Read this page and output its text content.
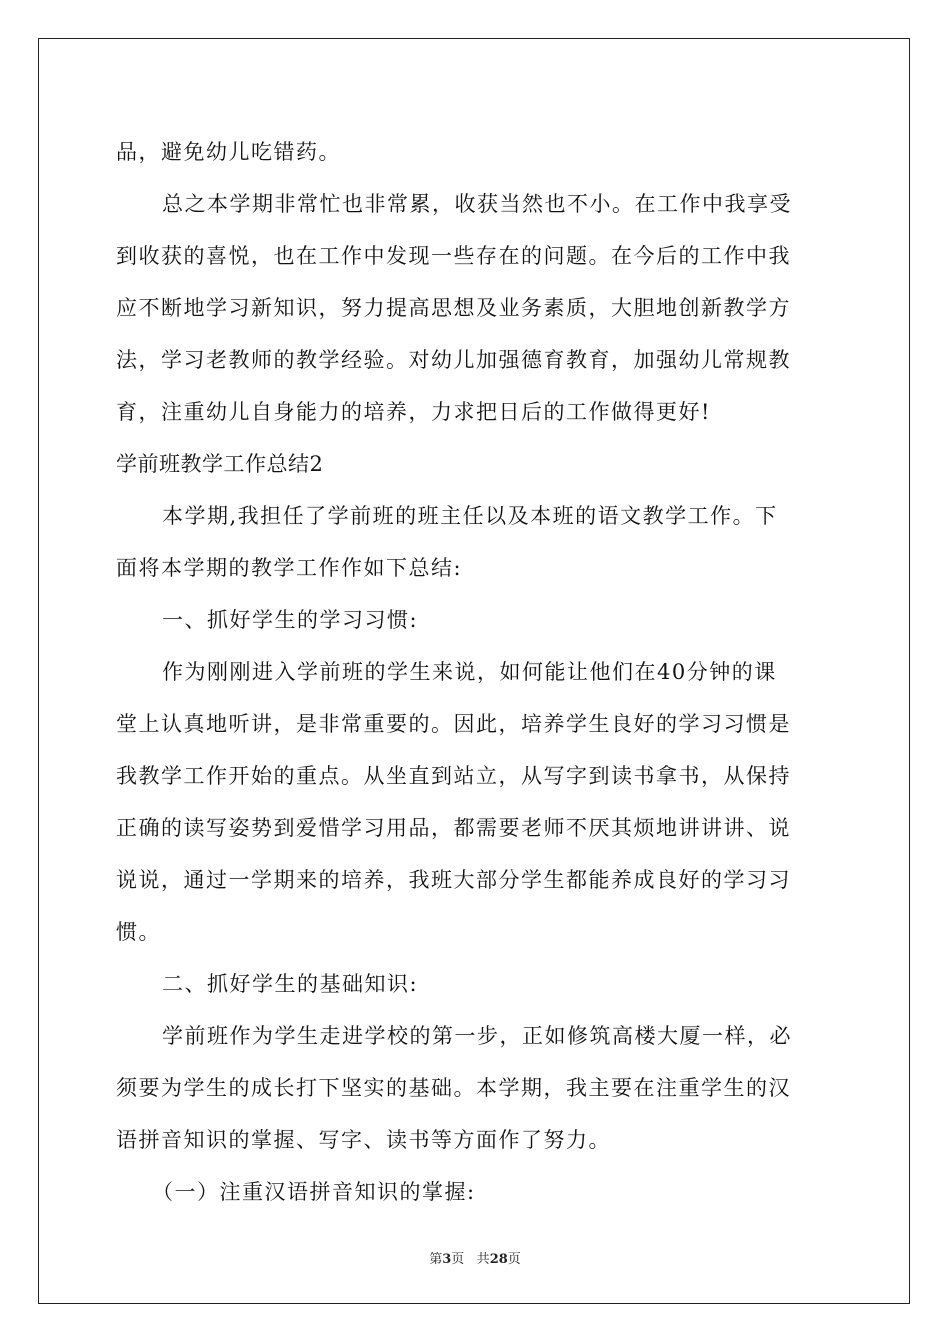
品，避免幼儿吃错药。
总之本学期非常忙也非常累，收获当然也不小。在工作中我享受
到收获的喜悦，也在工作中发现一些存在的问题。在今后的工作中我
应不断地学习新知识，努力提高思想及业务素质，大胆地创新教学方
法，学习老教师的教学经验。对幼儿加强德育教育，加强幼儿常规教
育，注重幼儿自身能力的培养，力求把日后的工作做得更好!
学前班教学工作总结2
本学期,我担任了学前班的班主任以及本班的语文教学工作。下
面将本学期的教学工作作如下总结:
一、抓好学生的学习习惯:
作为刚刚进入学前班的学生来说，如何能让他们在40分钟的课
堂上认真地听讲，是非常重要的。因此，培养学生良好的学习习惯是
我教学工作开始的重点。从坐直到站立，从写字到读书拿书，从保持
正确的读写姿势到爱惜学习用品，都需要老师不厌其烦地讲讲讲、说
说说，通过一学期来的培养，我班大部分学生都能养成良好的学习习
惯。
二、抓好学生的基础知识:
学前班作为学生走进学校的第一步，正如修筑高楼大厦一样，必
须要为学生的成长打下坚实的基础。本学期，我主要在注重学生的汉
语拼音知识的掌握、写字、读书等方面作了努力。
（一）注重汉语拼音知识的掌握:
第3页 共28页
